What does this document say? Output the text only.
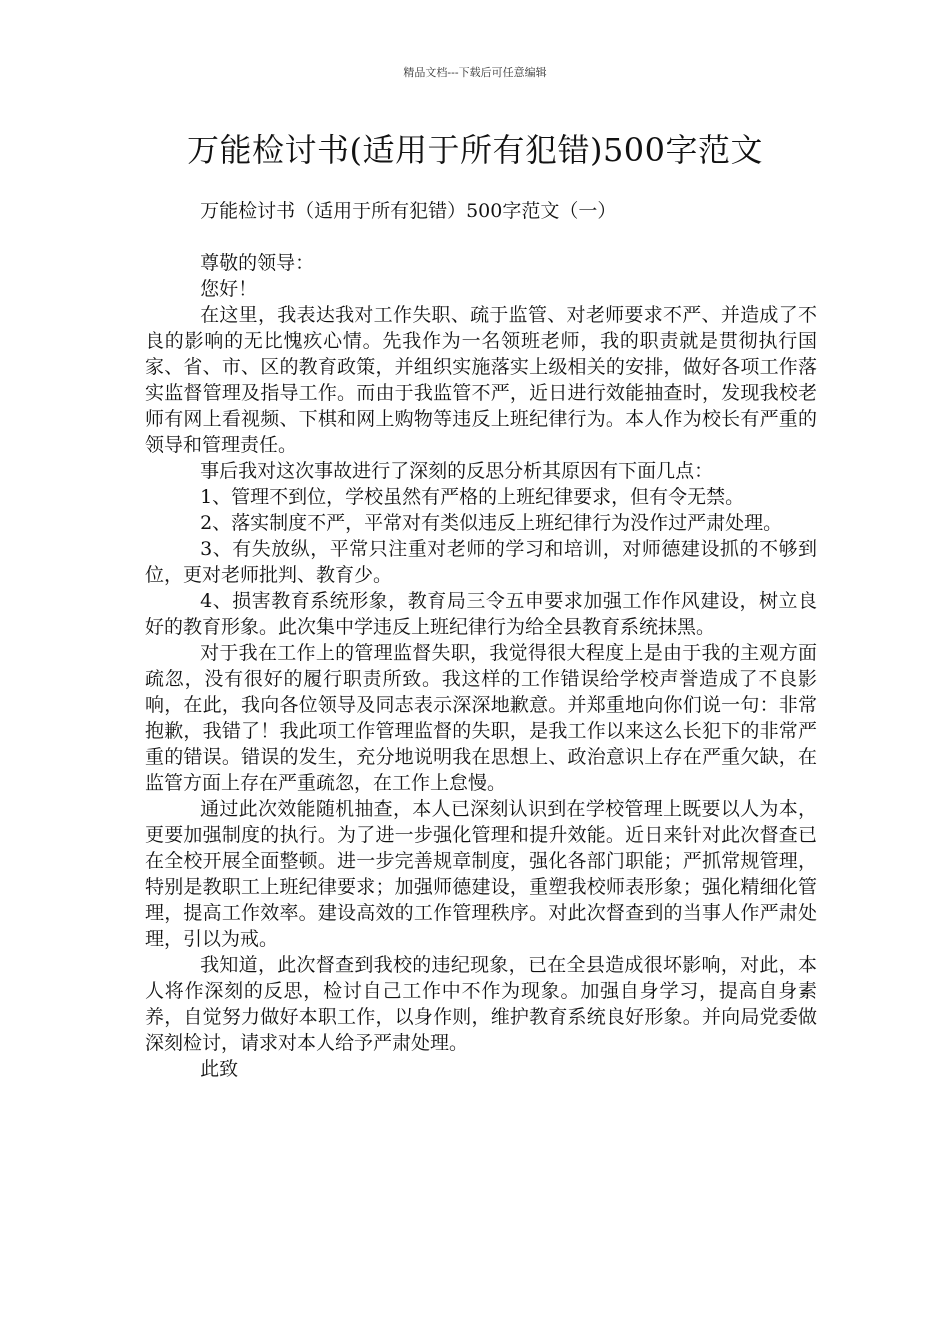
精品文档---下载后可任意编辑
万能检讨书(适用于所有犯错)500字范文

万能检讨书（适用于所有犯错）500字范文（一）

尊敬的领导：

您好！

在这里，我表达我对工作失职、疏于监管、对老师要求不严、并造成了不良的影响的无比愧疚心情。先我作为一名领班老师，我的职责就是贯彻执行国家、省、市、区的教育政策，并组织实施落实上级相关的安排，做好各项工作落实监督管理及指导工作。而由于我监管不严，近日进行效能抽查时，发现我校老师有网上看视频、下棋和网上购物等违反上班纪律行为。本人作为校长有严重的领导和管理责任。

事后我对这次事故进行了深刻的反思分析其原因有下面几点：

1、管理不到位，学校虽然有严格的上班纪律要求，但有令无禁。

2、落实制度不严，平常对有类似违反上班纪律行为没作过严肃处理。

3、有失放纵，平常只注重对老师的学习和培训，对师德建设抓的不够到位，更对老师批判、教育少。

4、损害教育系统形象，教育局三令五申要求加强工作作风建设，树立良好的教育形象。此次集中学违反上班纪律行为给全县教育系统抹黑。

对于我在工作上的管理监督失职，我觉得很大程度上是由于我的主观方面疏忽，没有很好的履行职责所致。我这样的工作错误给学校声誉造成了不良影响，在此，我向各位领导及同志表示深深地歉意。并郑重地向你们说一句：非常抱歉，我错了！我此项工作管理监督的失职，是我工作以来这么长犯下的非常严重的错误。错误的发生，充分地说明我在思想上、政治意识上存在严重欠缺，在监管方面上存在严重疏忽，在工作上怠慢。

通过此次效能随机抽查，本人已深刻认识到在学校管理上既要以人为本，更要加强制度的执行。为了进一步强化管理和提升效能。近日来针对此次督查已在全校开展全面整顿。进一步完善规章制度，强化各部门职能；严抓常规管理，特别是教职工上班纪律要求；加强师德建设，重塑我校师表形象；强化精细化管理，提高工作效率。建设高效的工作管理秩序。对此次督查到的当事人作严肃处理，引以为戒。

我知道，此次督查到我校的违纪现象，已在全县造成很坏影响，对此，本人将作深刻的反思，检讨自己工作中不作为现象。加强自身学习，提高自身素养，自觉努力做好本职工作，以身作则，维护教育系统良好形象。并向局党委做深刻检讨，请求对本人给予严肃处理。

此致
